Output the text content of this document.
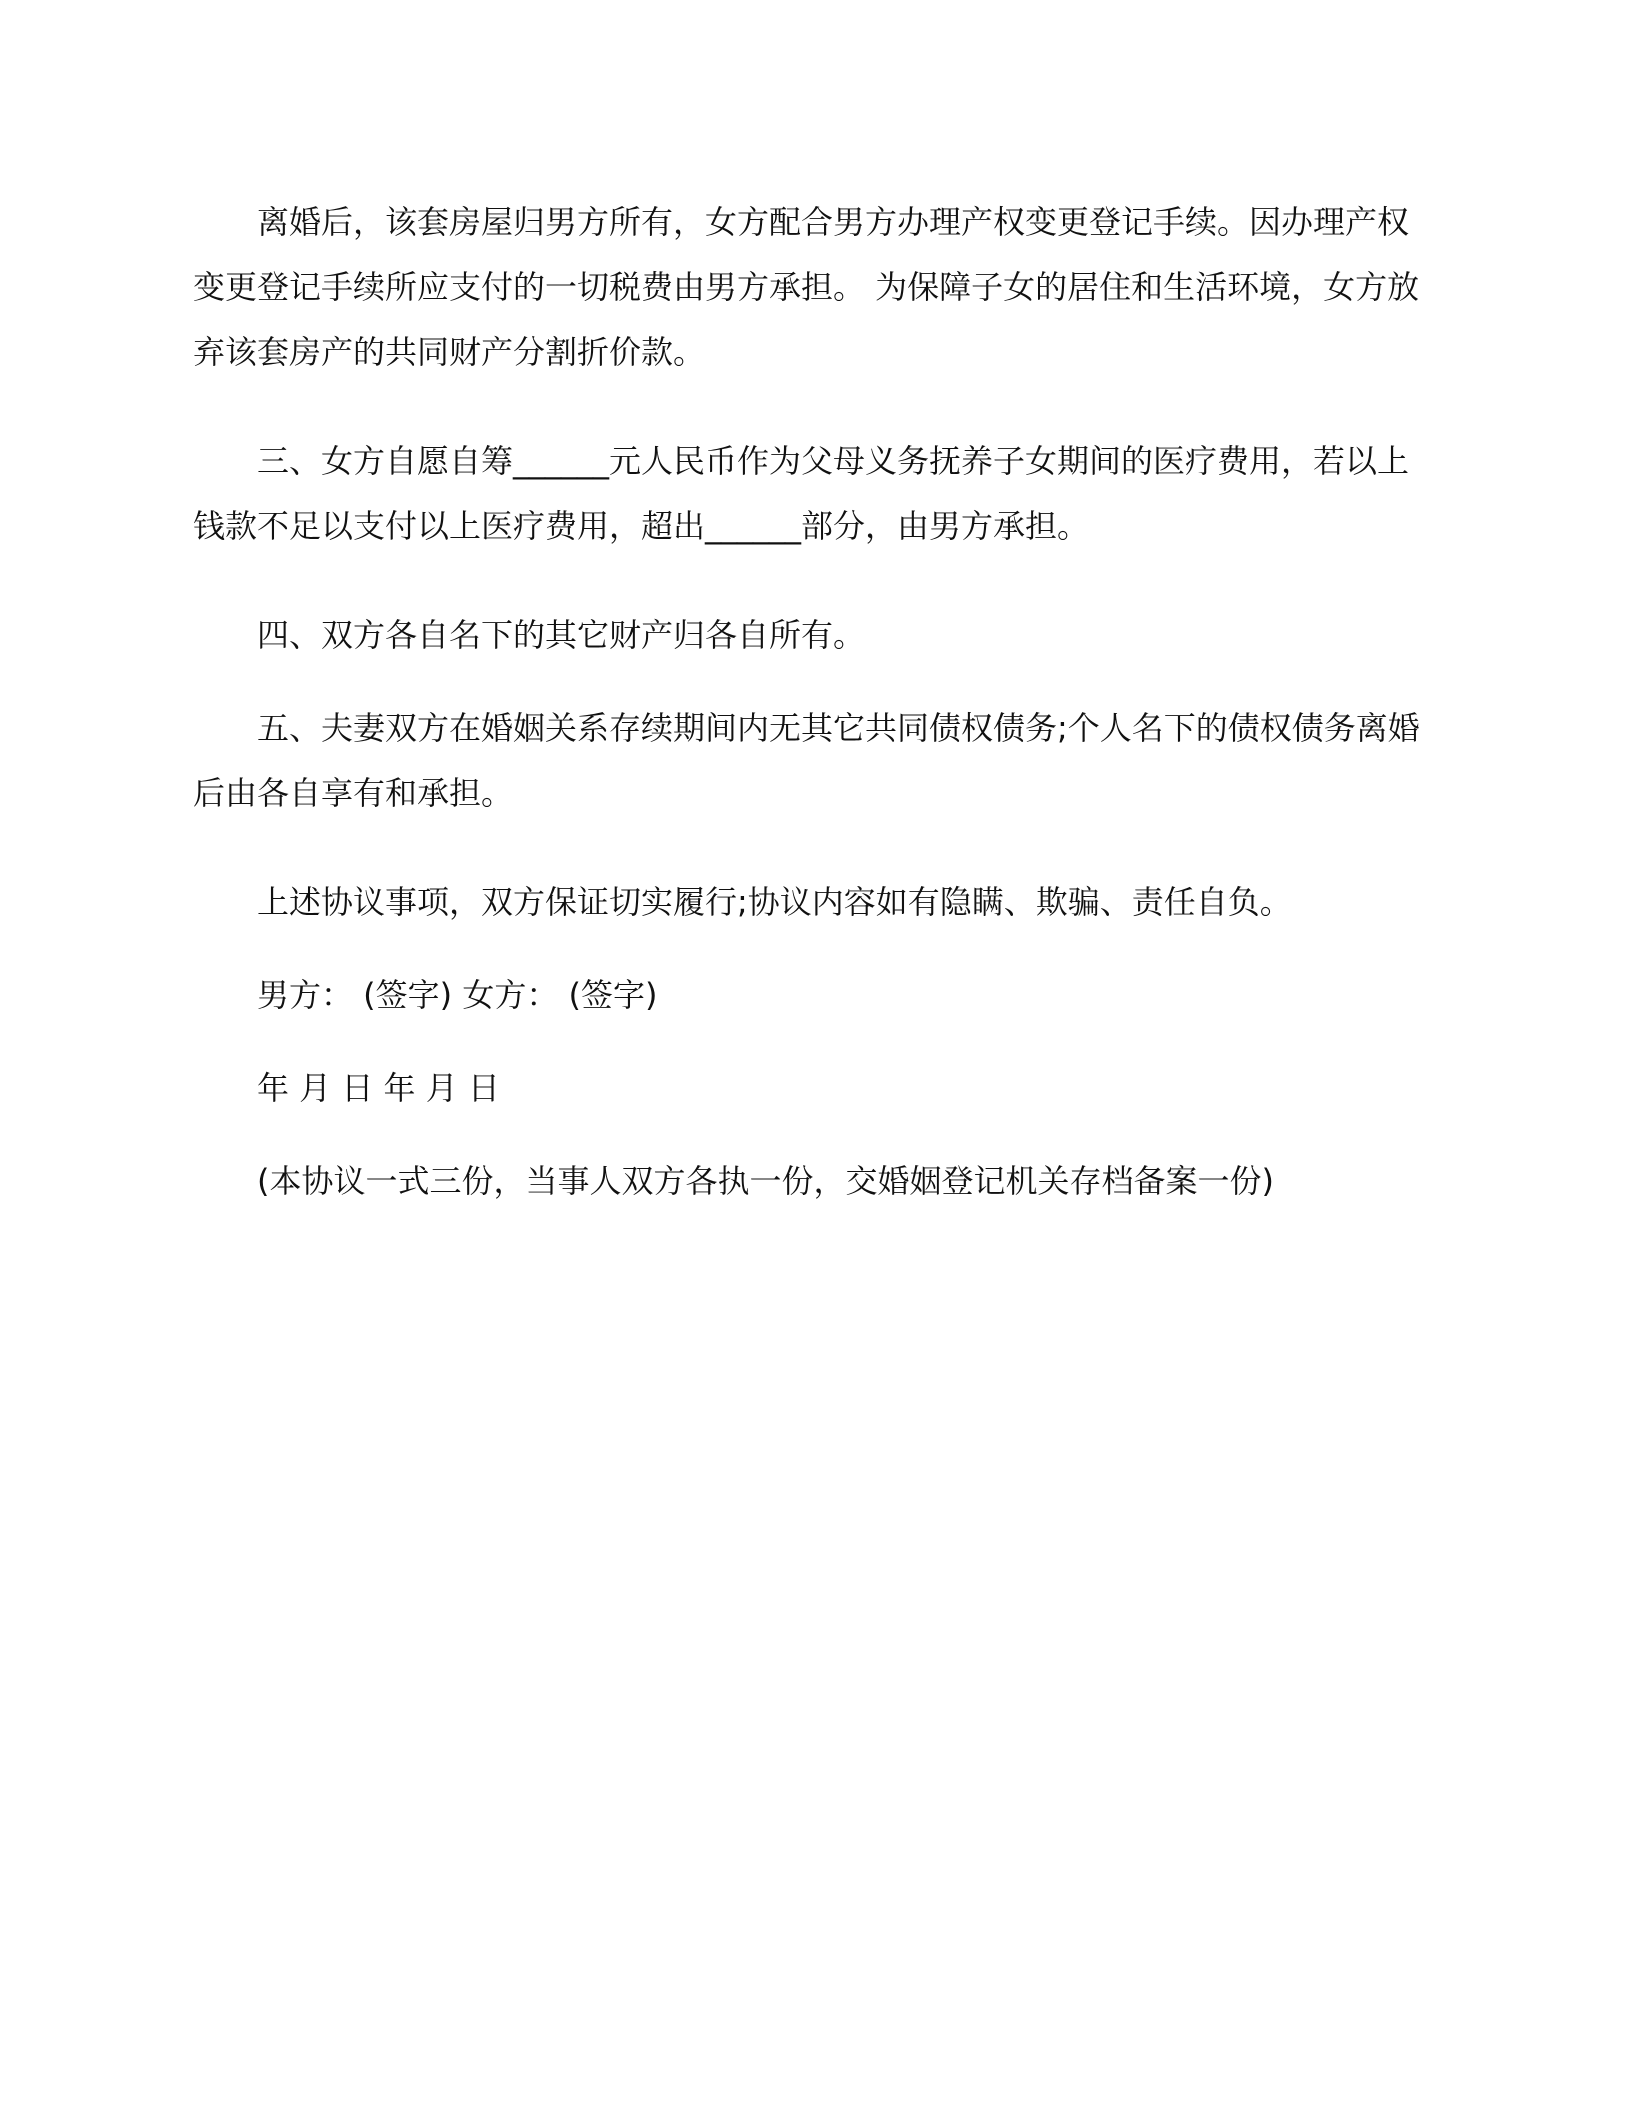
离婚后，该套房屋归男方所有，女方配合男方办理产权变更登记手续。因办理产权变更登记手续所应支付的一切税费由男方承担。 为保障子女的居住和生活环境，女方放弃该套房产的共同财产分割折价款。

三、女方自愿自筹______元人民币作为父母义务抚养子女期间的医疗费用，若以上钱款不足以支付以上医疗费用，超出______部分，由男方承担。

四、双方各自名下的其它财产归各自所有。

五、夫妻双方在婚姻关系存续期间内无其它共同债权债务;个人名下的债权债务离婚后由各自享有和承担。

上述协议事项，双方保证切实履行;协议内容如有隐瞒、欺骗、责任自负。

男方： (签字) 女方： (签字)

年 月 日 年 月 日

(本协议一式三份，当事人双方各执一份，交婚姻登记机关存档备案一份)
